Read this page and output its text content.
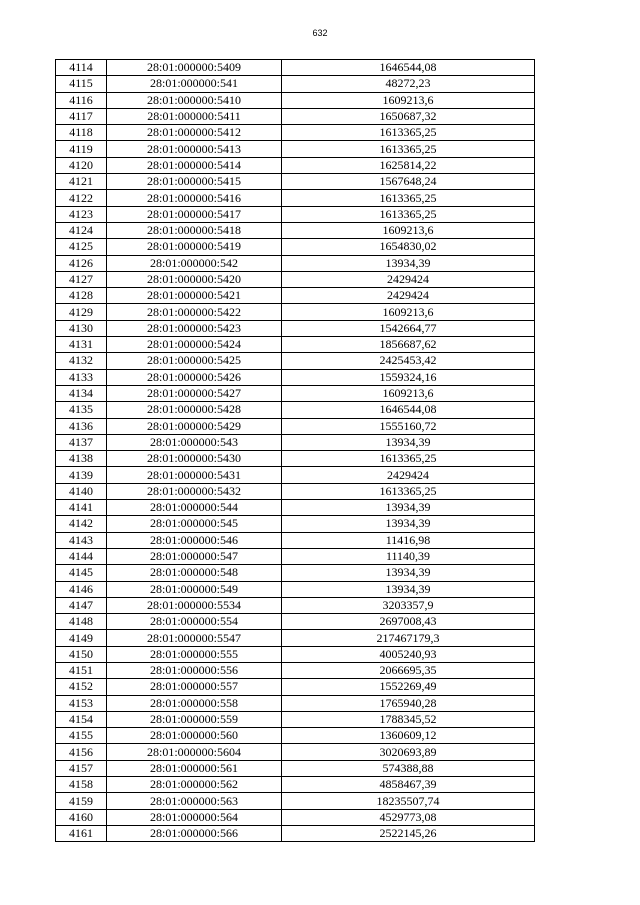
632
4114	28:01:000000:5409	1646544,08
4115	28:01:000000:541	48272,23
4116	28:01:000000:5410	1609213,6
4117	28:01:000000:5411	1650687,32
4118	28:01:000000:5412	1613365,25
4119	28:01:000000:5413	1613365,25
4120	28:01:000000:5414	1625814,22
4121	28:01:000000:5415	1567648,24
4122	28:01:000000:5416	1613365,25
4123	28:01:000000:5417	1613365,25
4124	28:01:000000:5418	1609213,6
4125	28:01:000000:5419	1654830,02
4126	28:01:000000:542	13934,39
4127	28:01:000000:5420	2429424
4128	28:01:000000:5421	2429424
4129	28:01:000000:5422	1609213,6
4130	28:01:000000:5423	1542664,77
4131	28:01:000000:5424	1856687,62
4132	28:01:000000:5425	2425453,42
4133	28:01:000000:5426	1559324,16
4134	28:01:000000:5427	1609213,6
4135	28:01:000000:5428	1646544,08
4136	28:01:000000:5429	1555160,72
4137	28:01:000000:543	13934,39
4138	28:01:000000:5430	1613365,25
4139	28:01:000000:5431	2429424
4140	28:01:000000:5432	1613365,25
4141	28:01:000000:544	13934,39
4142	28:01:000000:545	13934,39
4143	28:01:000000:546	11416,98
4144	28:01:000000:547	11140,39
4145	28:01:000000:548	13934,39
4146	28:01:000000:549	13934,39
4147	28:01:000000:5534	3203357,9
4148	28:01:000000:554	2697008,43
4149	28:01:000000:5547	217467179,3
4150	28:01:000000:555	4005240,93
4151	28:01:000000:556	2066695,35
4152	28:01:000000:557	1552269,49
4153	28:01:000000:558	1765940,28
4154	28:01:000000:559	1788345,52
4155	28:01:000000:560	1360609,12
4156	28:01:000000:5604	3020693,89
4157	28:01:000000:561	574388,88
4158	28:01:000000:562	4858467,39
4159	28:01:000000:563	18235507,74
4160	28:01:000000:564	4529773,08
4161	28:01:000000:566	2522145,26
